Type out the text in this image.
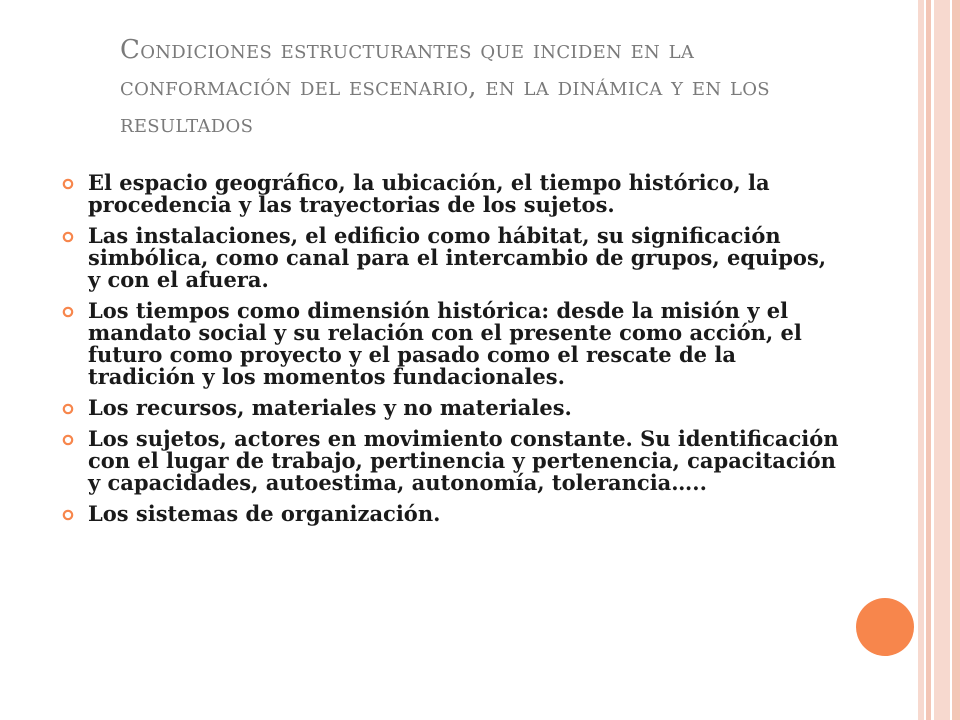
Condiciones estructurantes que inciden en la conformación del escenario, en la dinámica y en los resultados
El espacio geográfico, la ubicación, el tiempo histórico, la procedencia y las trayectorias de los sujetos.
Las instalaciones, el edificio como hábitat, su significación simbólica, como canal para el intercambio de grupos, equipos, y con el afuera.
Los tiempos como dimensión histórica: desde la misión y el mandato social y su relación con el presente como acción, el futuro como proyecto y el pasado como el rescate de la tradición y los momentos fundacionales.
Los recursos, materiales y no materiales.
Los sujetos, actores en movimiento constante. Su identificación con el lugar de trabajo, pertinencia y pertenencia, capacitación y capacidades, autoestima, autonomía, tolerancia…..
Los sistemas de organización.
